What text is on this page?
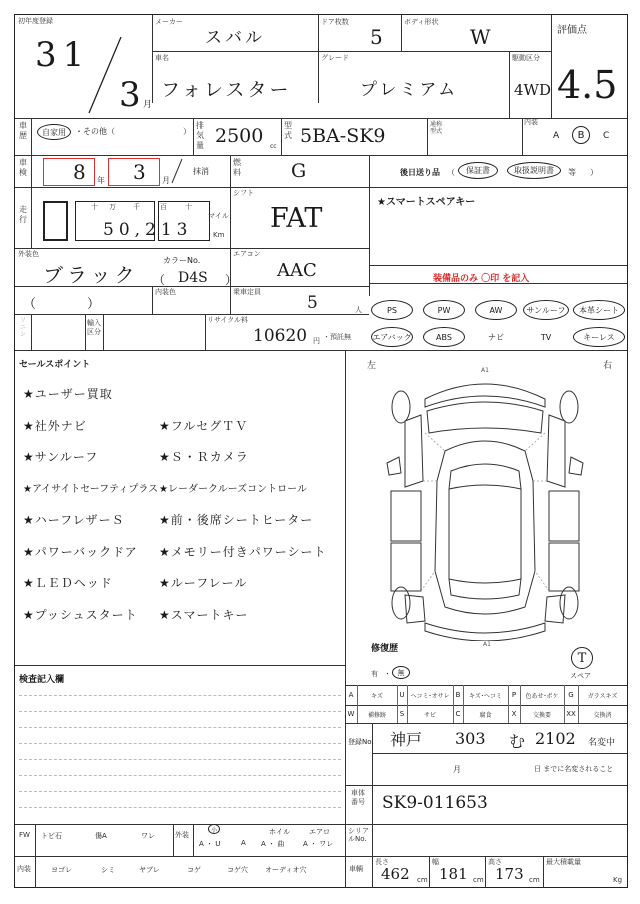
初年度登録
31
3 月
メーカー
スバル
ドア枚数
5
ボディ形状
W	評価点
4.5
車名
フォレスター
グレード
プレミアム
駆動区分
4WD
車歴 自家用 ・その他（	）
排気量 2500 cc
型式 5BA-SK9
通称型式
内装
A B C
車検 8 年 3 月
抹消
燃料	G	後日送り品 （ 保証書	取扱説明書 等 ）
走行
十 万 千	百	十
マイル
50,213	Km
シフト
FAT
★スマートスペアキー
外装色
ブラック
カラーNo.
（ D4S ）
エアコン
AAC	装備品のみ 〇印 を記入
（	）
内装色	乗車定員
5	人	PS	PW	AW	サンルーフ	本革シート
エアバッグ	ABS	ナビ	TV	キーレス
ソ
ニ
シ
輸入区分
リサイクル料
10620 円 ・預託無
セールスポイント
★ユーザー買取
★社外ナビ	★フルセグＴＶ
★サンルーフ	★Ｓ・Ｒカメラ
★アイサイトセーフティプラス ★レーダークルーズコントロール
★ハーフレザーＳ	★前・後席シートヒーター
★パワーバックドア ★メモリー付きパワーシート
★ＬＥＤヘッド	★ルーフレール
★プッシュスタート ★スマートキー
検査記入欄
左	右
A1
A1
修復歴
有 ・ 無
T
スペア
A	キズ	U ヘコミ･オサレ B	キズ･ヘコミ	P	色あせ･ボケ	G	ガラスキズ
W	補修跡	S	サビ	C	腐食	X	交換要	XX	交換済
登録No. 神戸 303 む 2102 名変中
月	日 までに名変されること
車体番号 SK9-011653
FW トビ石	傷A	ワレ	外装
小
A ・ U	A
ホイル
A ・ 曲
エアロ
A ・ ワレ
シリアルNo.
内装	ヨゴレ	シミ	ヤブレ	コゲ	コゲ穴 オーディオ穴	車輌
長さ
462 cm
幅
181 cm
高さ
173 cm
最大積載量
Kg
